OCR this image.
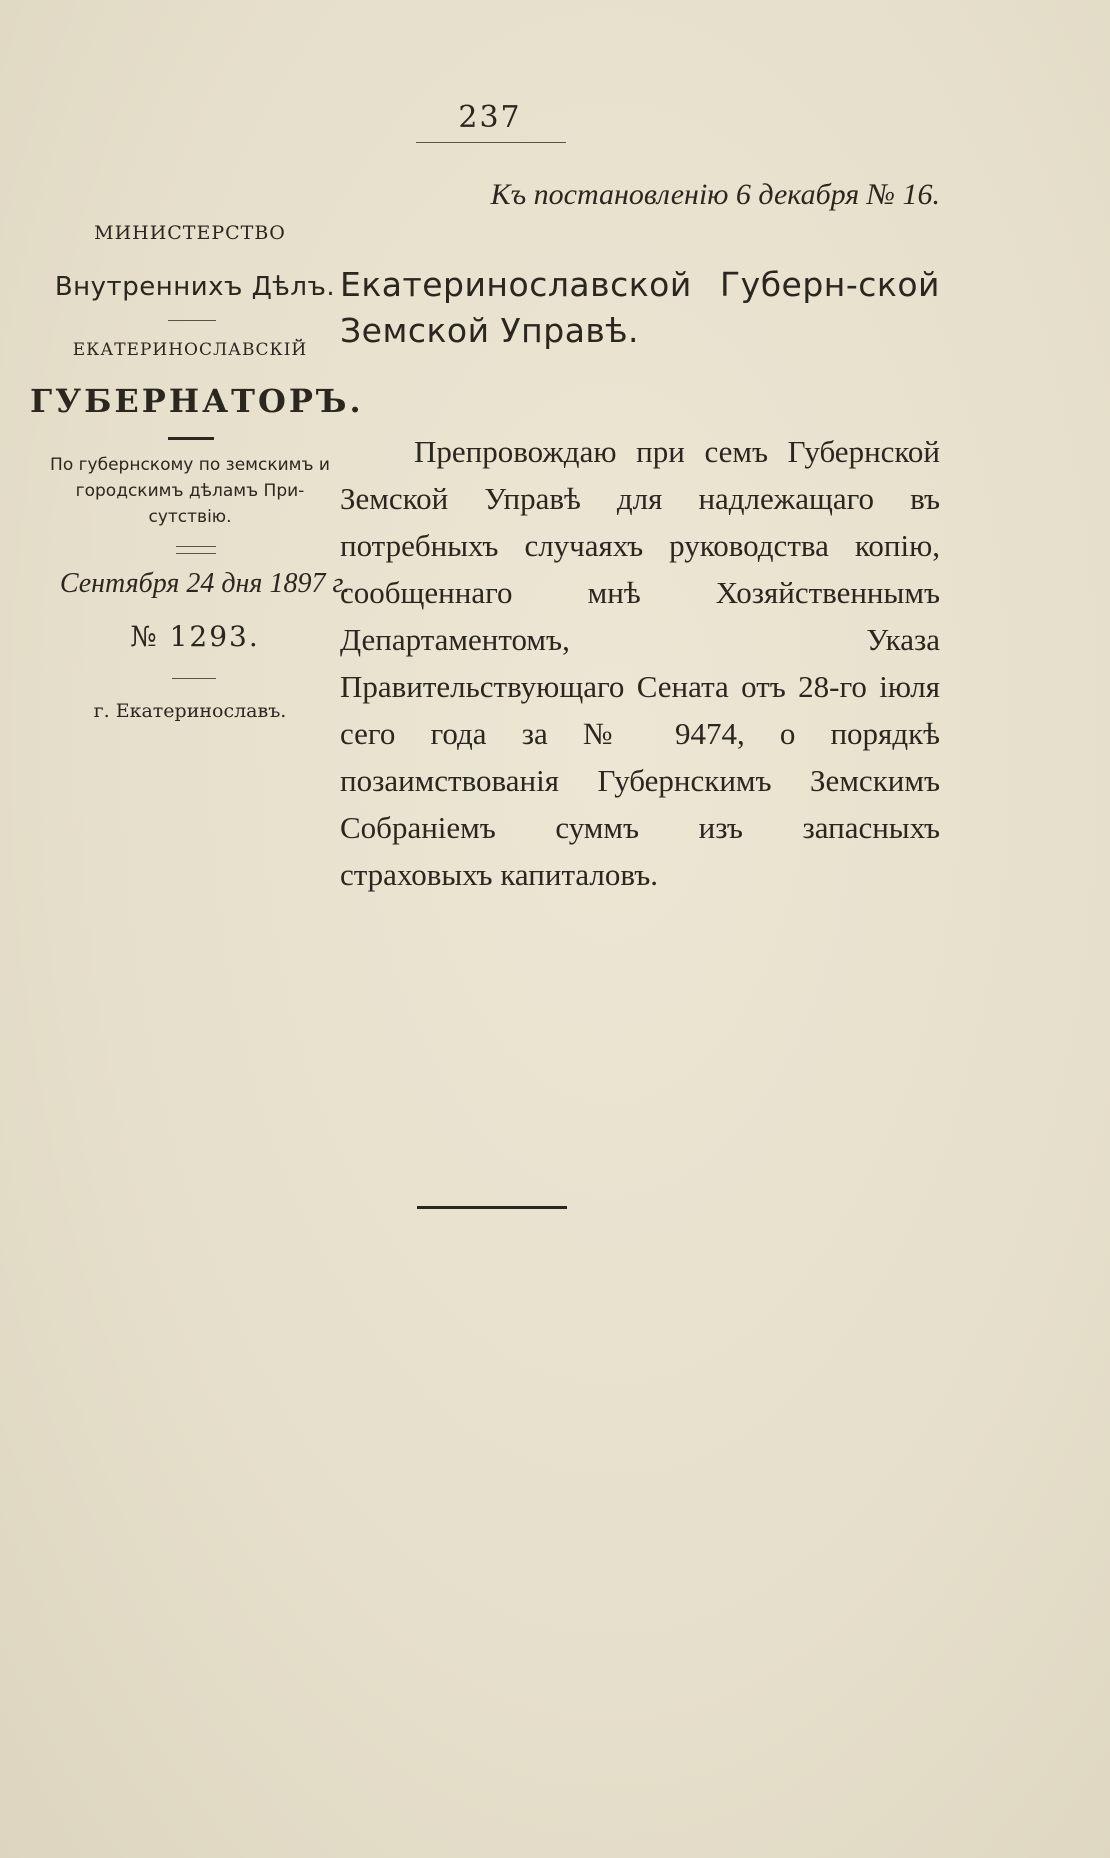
237
Къ постановленію 6 декабря № 16.
МИНИСТЕРСТВО
Внутреннихъ Дѣлъ.
ЕКАТЕРИНОСЛАВСКІЙ
ГУБЕРНАТОРЪ.
По губернскому по земскимъ и городскимъ дѣламъ При-сутствію.
Сентября 24 дня 1897 г.
№ 1293.
г. Екатеринославъ.
Екатеринославской Губерн-ской Земской Управѣ.

Препровождаю при семъ Губернской Земской Управѣ для надлежащаго въ потребныхъ случаяхъ руководства копію, сообщеннаго мнѣ Хозяйственнымъ Департаментомъ, Указа Правительствующаго Сената отъ 28-го іюля сего года за № 9474, о порядкѣ позаимствованія Губернскимъ Земскимъ Собраніемъ суммъ изъ запасныхъ страховыхъ капиталовъ.
